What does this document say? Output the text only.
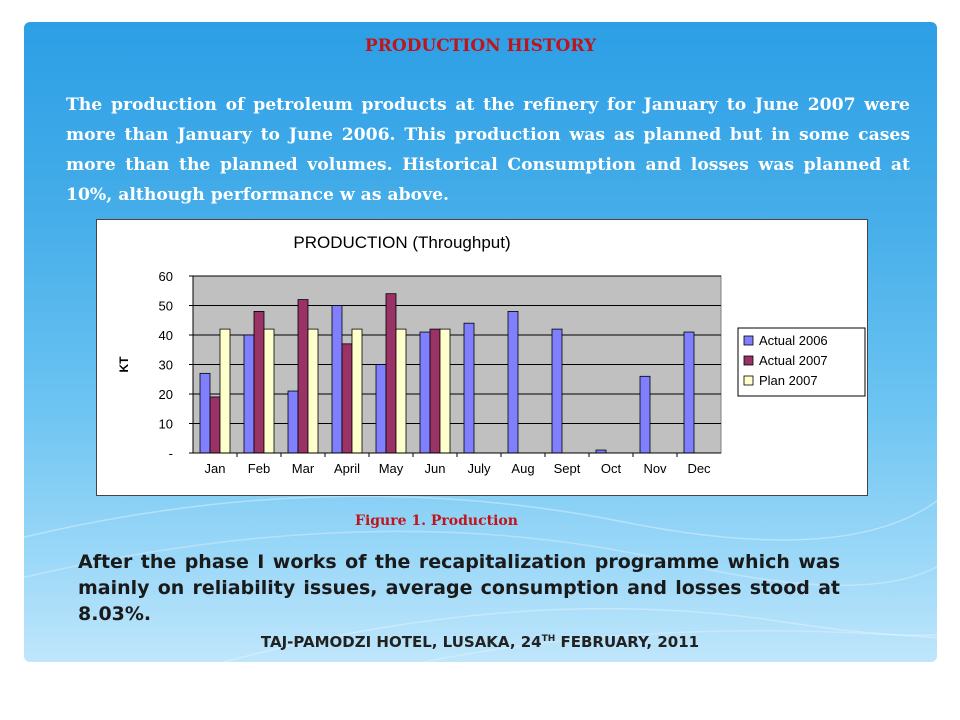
PRODUCTION HISTORY

The production of petroleum products at the refinery for January to June 2007 were more than January to June 2006. This production was as planned but in some cases more than the planned volumes. Historical Consumption and losses was planned at 10%, although performance w as above.

PRODUCTION (Throughput)
-
10
20
30
40
50
60
Jan Feb Mar April May Jun July Aug Sept Oct Nov Dec
KT
Actual 2006
Actual 2007
Plan 2007
Figure 1. Production

After the phase I works of the recapitalization programme which was mainly on reliability issues, average consumption and losses stood at 8.03%.

TAJ-PAMODZI HOTEL, LUSAKA, 24TH FEBRUARY, 2011
